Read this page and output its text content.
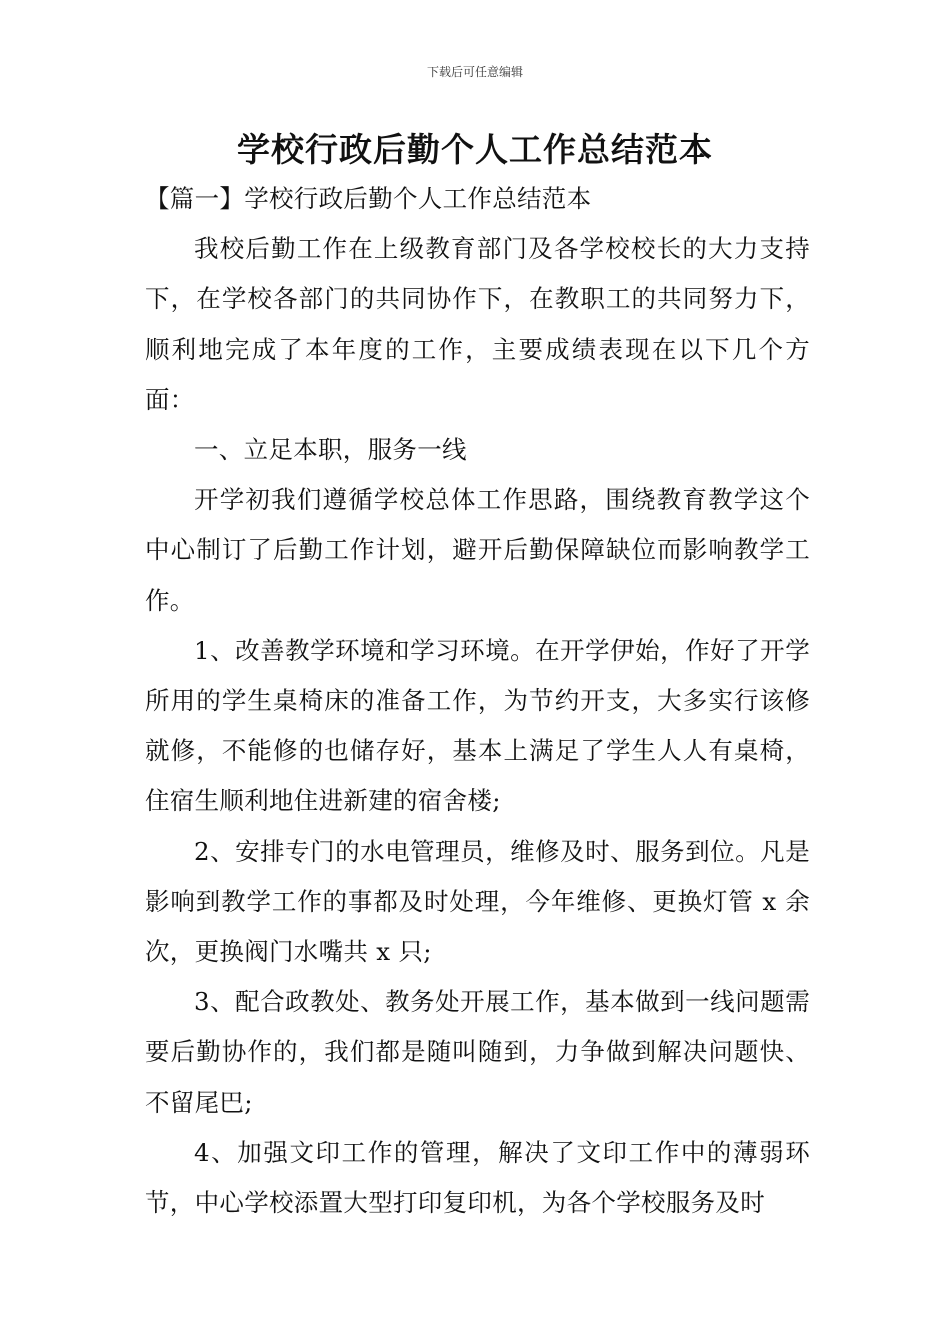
下载后可任意编辑
学校行政后勤个人工作总结范本

【篇一】学校行政后勤个人工作总结范本

我校后勤工作在上级教育部门及各学校校长的大力支持下，在学校各部门的共同协作下，在教职工的共同努力下，顺利地完成了本年度的工作，主要成绩表现在以下几个方面：

一、立足本职，服务一线

开学初我们遵循学校总体工作思路，围绕教育教学这个中心制订了后勤工作计划，避开后勤保障缺位而影响教学工作。

1、改善教学环境和学习环境。在开学伊始，作好了开学所用的学生桌椅床的准备工作，为节约开支，大多实行该修就修，不能修的也储存好，基本上满足了学生人人有桌椅，住宿生顺利地住进新建的宿舍楼;

2、安排专门的水电管理员，维修及时、服务到位。凡是影响到教学工作的事都及时处理，今年维修、更换灯管 x 余次，更换阀门水嘴共 x 只;

3、配合政教处、教务处开展工作，基本做到一线问题需要后勤协作的，我们都是随叫随到，力争做到解决问题快、不留尾巴;

4、加强文印工作的管理，解决了文印工作中的薄弱环节，中心学校添置大型打印复印机，为各个学校服务及时
